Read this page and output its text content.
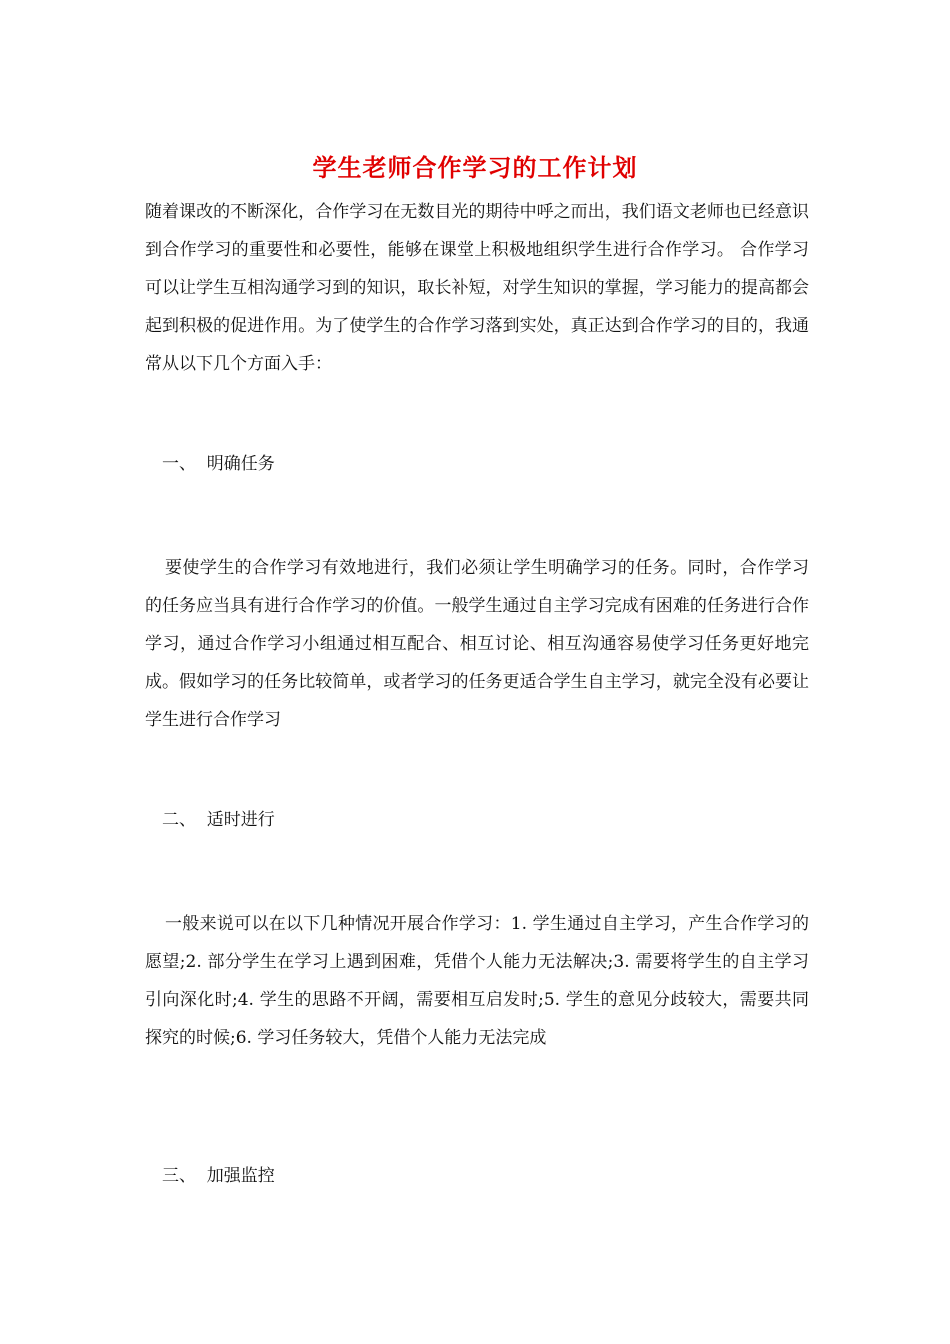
学生老师合作学习的工作计划

随着课改的不断深化，合作学习在无数目光的期待中呼之而出，我们语文老师也已经意识到合作学习的重要性和必要性，能够在课堂上积极地组织学生进行合作学习。 合作学习可以让学生互相沟通学习到的知识，取长补短，对学生知识的掌握，学习能力的提高都会起到积极的促进作用。为了使学生的合作学习落到实处，真正达到合作学习的目的，我通常从以下几个方面入手：

一、  明确任务

要使学生的合作学习有效地进行，我们必须让学生明确学习的任务。同时，合作学习的任务应当具有进行合作学习的价值。一般学生通过自主学习完成有困难的任务进行合作学习，通过合作学习小组通过相互配合、相互讨论、相互沟通容易使学习任务更好地完成。假如学习的任务比较简单，或者学习的任务更适合学生自主学习，就完全没有必要让学生进行合作学习

二、  适时进行

一般来说可以在以下几种情况开展合作学习：1. 学生通过自主学习，产生合作学习的愿望;2. 部分学生在学习上遇到困难，凭借个人能力无法解决;3. 需要将学生的自主学习引向深化时;4. 学生的思路不开阔，需要相互启发时;5. 学生的意见分歧较大，需要共同探究的时候;6. 学习任务较大，凭借个人能力无法完成

三、  加强监控
